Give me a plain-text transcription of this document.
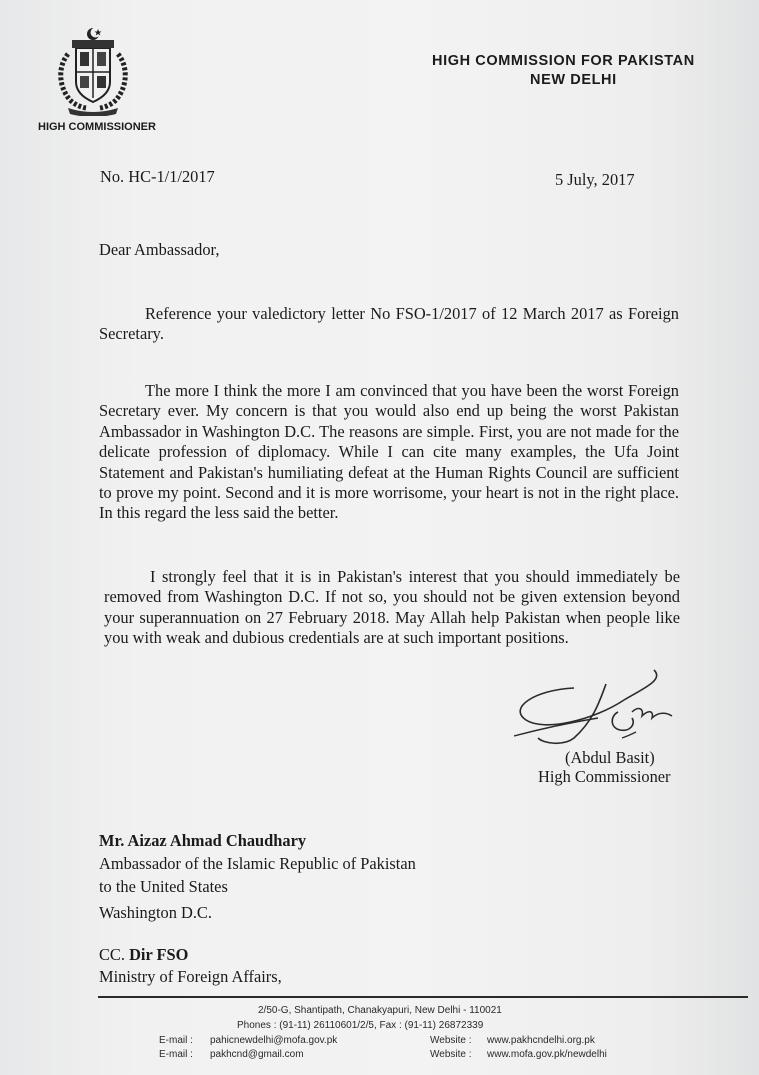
HIGH COMMISSIONER
HIGH COMMISSION FOR PAKISTAN
NEW DELHI
No. HC-1/1/2017	5 July, 2017
Dear Ambassador,
Reference your valedictory letter No FSO-1/2017 of 12 March 2017 as Foreign Secretary.
The more I think the more I am convinced that you have been the worst Foreign Secretary ever. My concern is that you would also end up being the worst Pakistan Ambassador in Washington D.C. The reasons are simple. First, you are not made for the delicate profession of diplomacy. While I can cite many examples, the Ufa Joint Statement and Pakistan's humiliating defeat at the Human Rights Council are sufficient to prove my point. Second and it is more worrisome, your heart is not in the right place. In this regard the less said the better.
I strongly feel that it is in Pakistan's interest that you should immediately be removed from Washington D.C. If not so, you should not be given extension beyond your superannuation on 27 February 2018. May Allah help Pakistan when people like you with weak and dubious credentials are at such important positions.
(Abdul Basit)
High Commissioner
Mr. Aizaz Ahmad Chaudhary
Ambassador of the Islamic Republic of Pakistan
to the United States
Washington D.C.
CC. Dir FSO
Ministry of Foreign Affairs,
2/50-G, Shantipath, Chanakyapuri, New Delhi - 110021
Phones : (91-11) 26110601/2/5, Fax : (91-11) 26872339
E-mail : pahicnewdelhi@mofa.gov.pk
E-mail : pakhcnd@gmail.com
Website : www.pakhcndelhi.org.pk
Website : www.mofa.gov.pk/newdelhi
